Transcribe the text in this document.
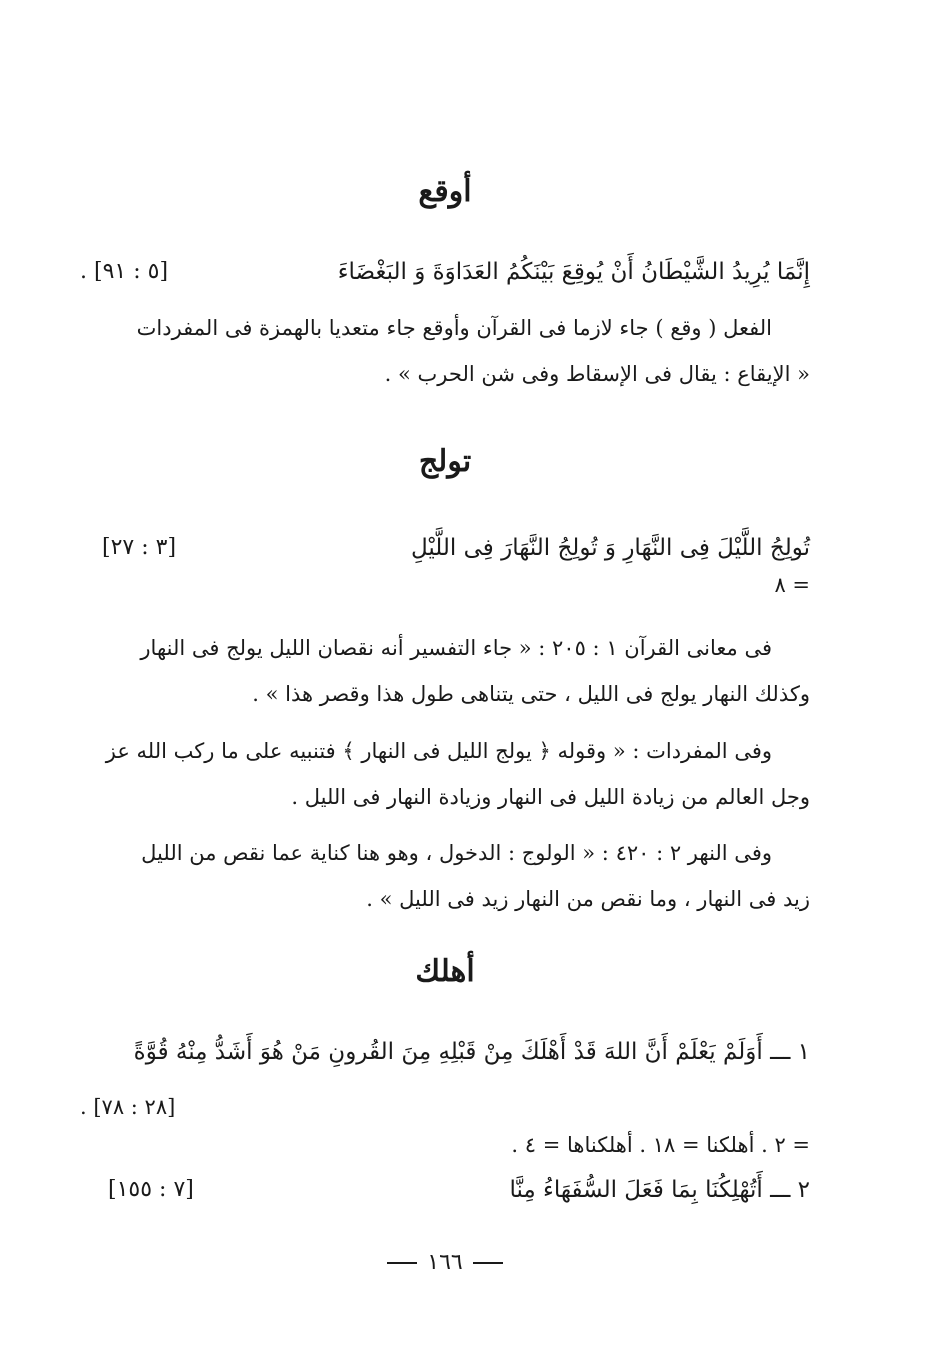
أوقع
إِنَّمَا يُرِيدُ الشَّيْطَانُ أَنْ يُوقِعَ بَيْنَكُمُ العَدَاوَةَ وَ البَغْضَاءَ
[٥ : ٩١] .
الفعل ( وقع ) جاء لازما فى القرآن وأوقع جاء متعديا بالهمزة فى المفردات
« الإيقاع : يقال فى الإسقاط وفى شن الحرب » .
تولج
تُولِجُ اللَّيْلَ فِى النَّهَارِ وَ تُولِجُ النَّهَارَ فِى اللَّيْلِ
[٣ : ٢٧]
= ٨
فى معانى القرآن ١ : ٢٠٥ : « جاء التفسير أنه نقصان الليل يولج فى النهار
وكذلك النهار يولج فى الليل ، حتى يتناهى طول هذا وقصر هذا » .
وفى المفردات : « وقوله ﴿ يولج الليل فى النهار ﴾ فتنبيه على ما ركب الله عز
وجل العالم من زيادة الليل فى النهار وزيادة النهار فى الليل .
وفى النهر ٢ : ٤٢٠ : « الولوج : الدخول ، وهو هنا كناية عما نقص من الليل
زيد فى النهار ، وما نقص من النهار زيد فى الليل » .
أهلك
١ ـــ أَوَلَمْ يَعْلَمْ أَنَّ اللهَ قَدْ أَهْلَكَ مِنْ قَبْلِهِ مِنَ القُرونِ مَنْ هُوَ أَشَدُّ مِنْهُ قُوَّةً
[٢٨ : ٧٨] .
= ٢ . أهلكنا = ١٨ . أهلكناها = ٤ .
٢ ـــ أَتُهْلِكُنَا بِمَا فَعَلَ السُّفَهَاءُ مِنَّا
[٧ : ١٥٥]
١٦٦
